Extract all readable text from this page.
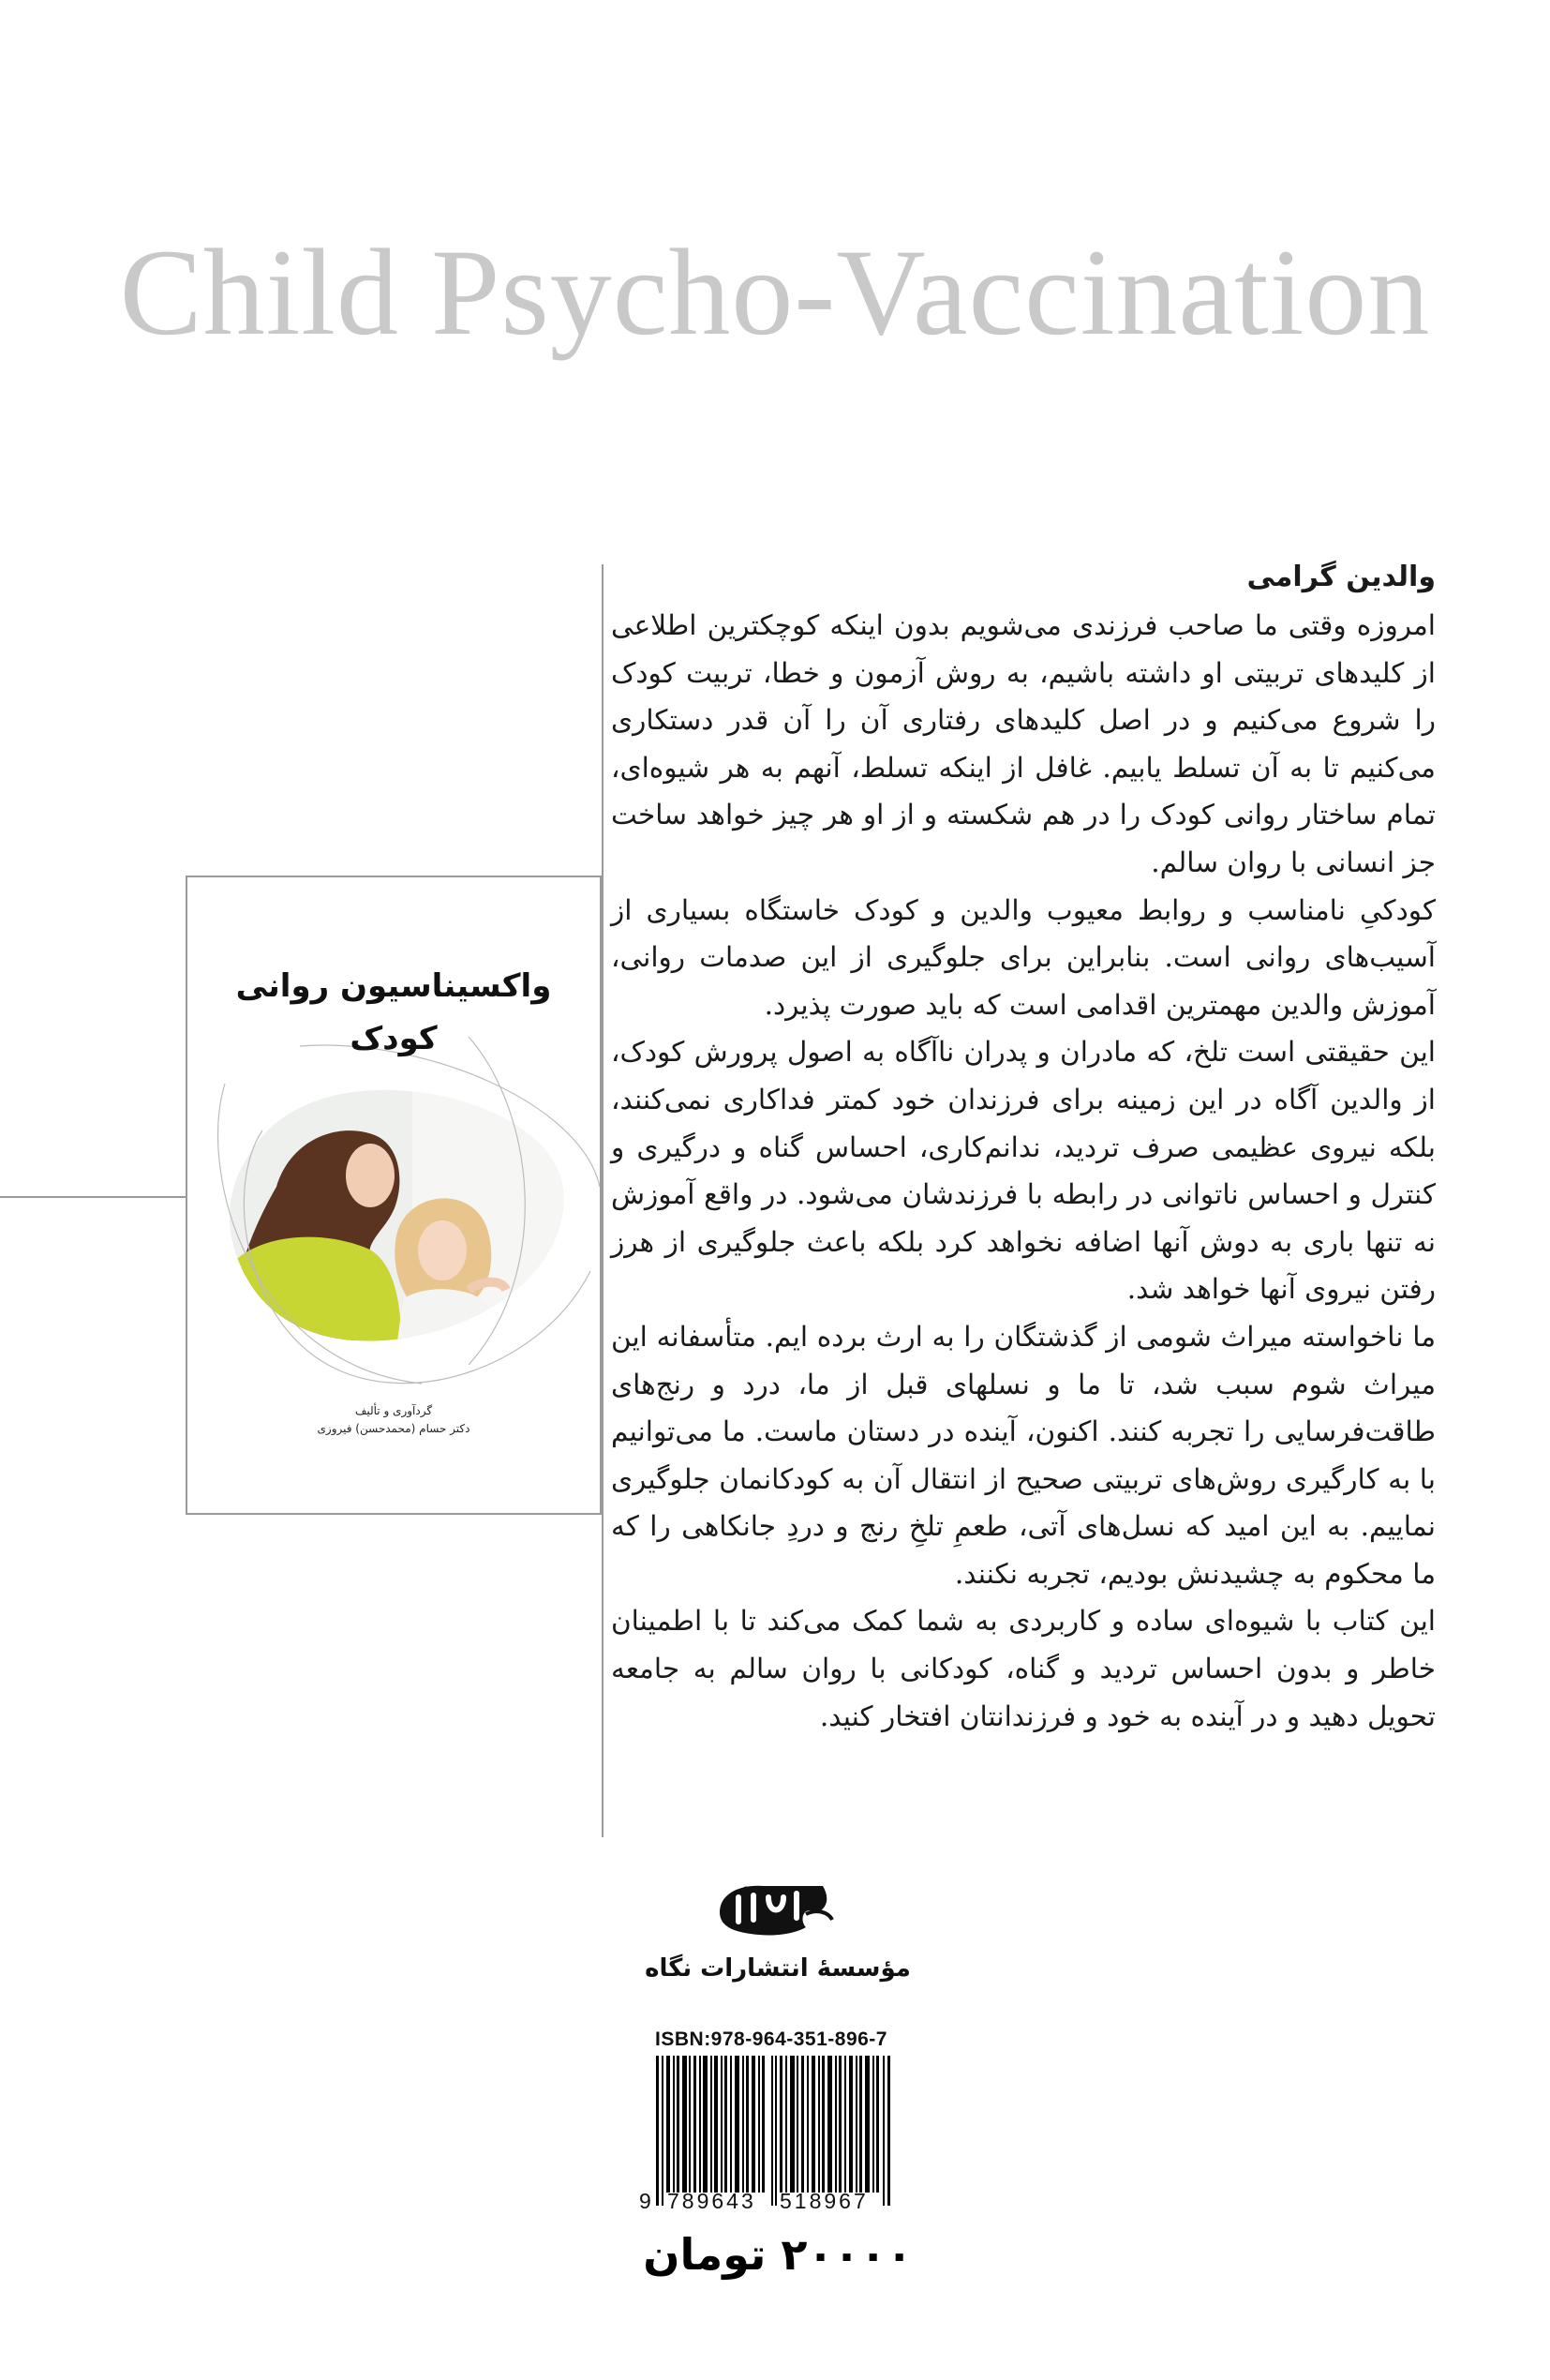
Child Psycho-Vaccination
واکسیناسیون روانی
کودک
گردآوری و تألیف
دکتر حسام (محمدحسن) فیروزی
والدین گرامی

امروزه وقتی ما صاحب فرزندی می‌شویم بدون اینکه کوچکترین اطلاعی از کلیدهای تربیتی او داشته باشیم، به روش آزمون و خطا، تربیت کودک را شروع می‌کنیم و در اصل کلیدهای رفتاری آن را آن قدر دستکاری می‌کنیم تا به آن تسلط یابیم. غافل از اینکه تسلط، آنهم به هر شیوه‌ای، تمام ساختار روانی کودک را در هم شکسته و از او هر چیز خواهد ساخت جز انسانی با روان سالم.

کودکیِ نامناسب و روابط معیوب والدین و کودک خاستگاه بسیاری از آسیب‌های روانی است. بنابراین برای جلوگیری از این صدمات روانی، آموزش والدین مهمترین اقدامی است که باید صورت پذیرد.

این حقیقتی است تلخ، که مادران و پدران ناآگاه به اصول پرورش کودک، از والدین آگاه در این زمینه برای فرزندان خود کمتر فداکاری نمی‌کنند، بلکه نیروی عظیمی صرف تردید، ندانم‌کاری، احساس گناه و درگیری و کنترل و احساس ناتوانی در رابطه با فرزندشان می‌شود. در واقع آموزش نه تنها باری به دوش آنها اضافه نخواهد کرد بلکه باعث جلوگیری از هرز رفتن نیروی آنها خواهد شد.

ما ناخواسته میراث شومی از گذشتگان را به ارث برده ایم. متأسفانه این میراث شوم سبب شد، تا ما و نسلهای قبل از ما، درد و رنج‌های طاقت‌فرسایی را تجربه کنند. اکنون، آینده در دستان ماست. ما می‌توانیم با به کارگیری روش‌های تربیتی صحیح از انتقال آن به کودکانمان جلوگیری نماییم. به این امید که نسل‌های آتی، طعمِ تلخِ رنج و دردِ جانکاهی را که ما محکوم به چشیدنش بودیم، تجربه نکنند.

این کتاب با شیوه‌ای ساده و کاربردی به شما کمک می‌کند تا با اطمینان خاطر و بدون احساس تردید و گناه، کودکانی با روان سالم به جامعه تحویل دهید و در آینده به خود و فرزندانتان افتخار کنید.

مؤسسهٔ انتشارات نگاه
ISBN:978-964-351-896-7
9 789643 518967
۲۰۰۰۰ تومان
